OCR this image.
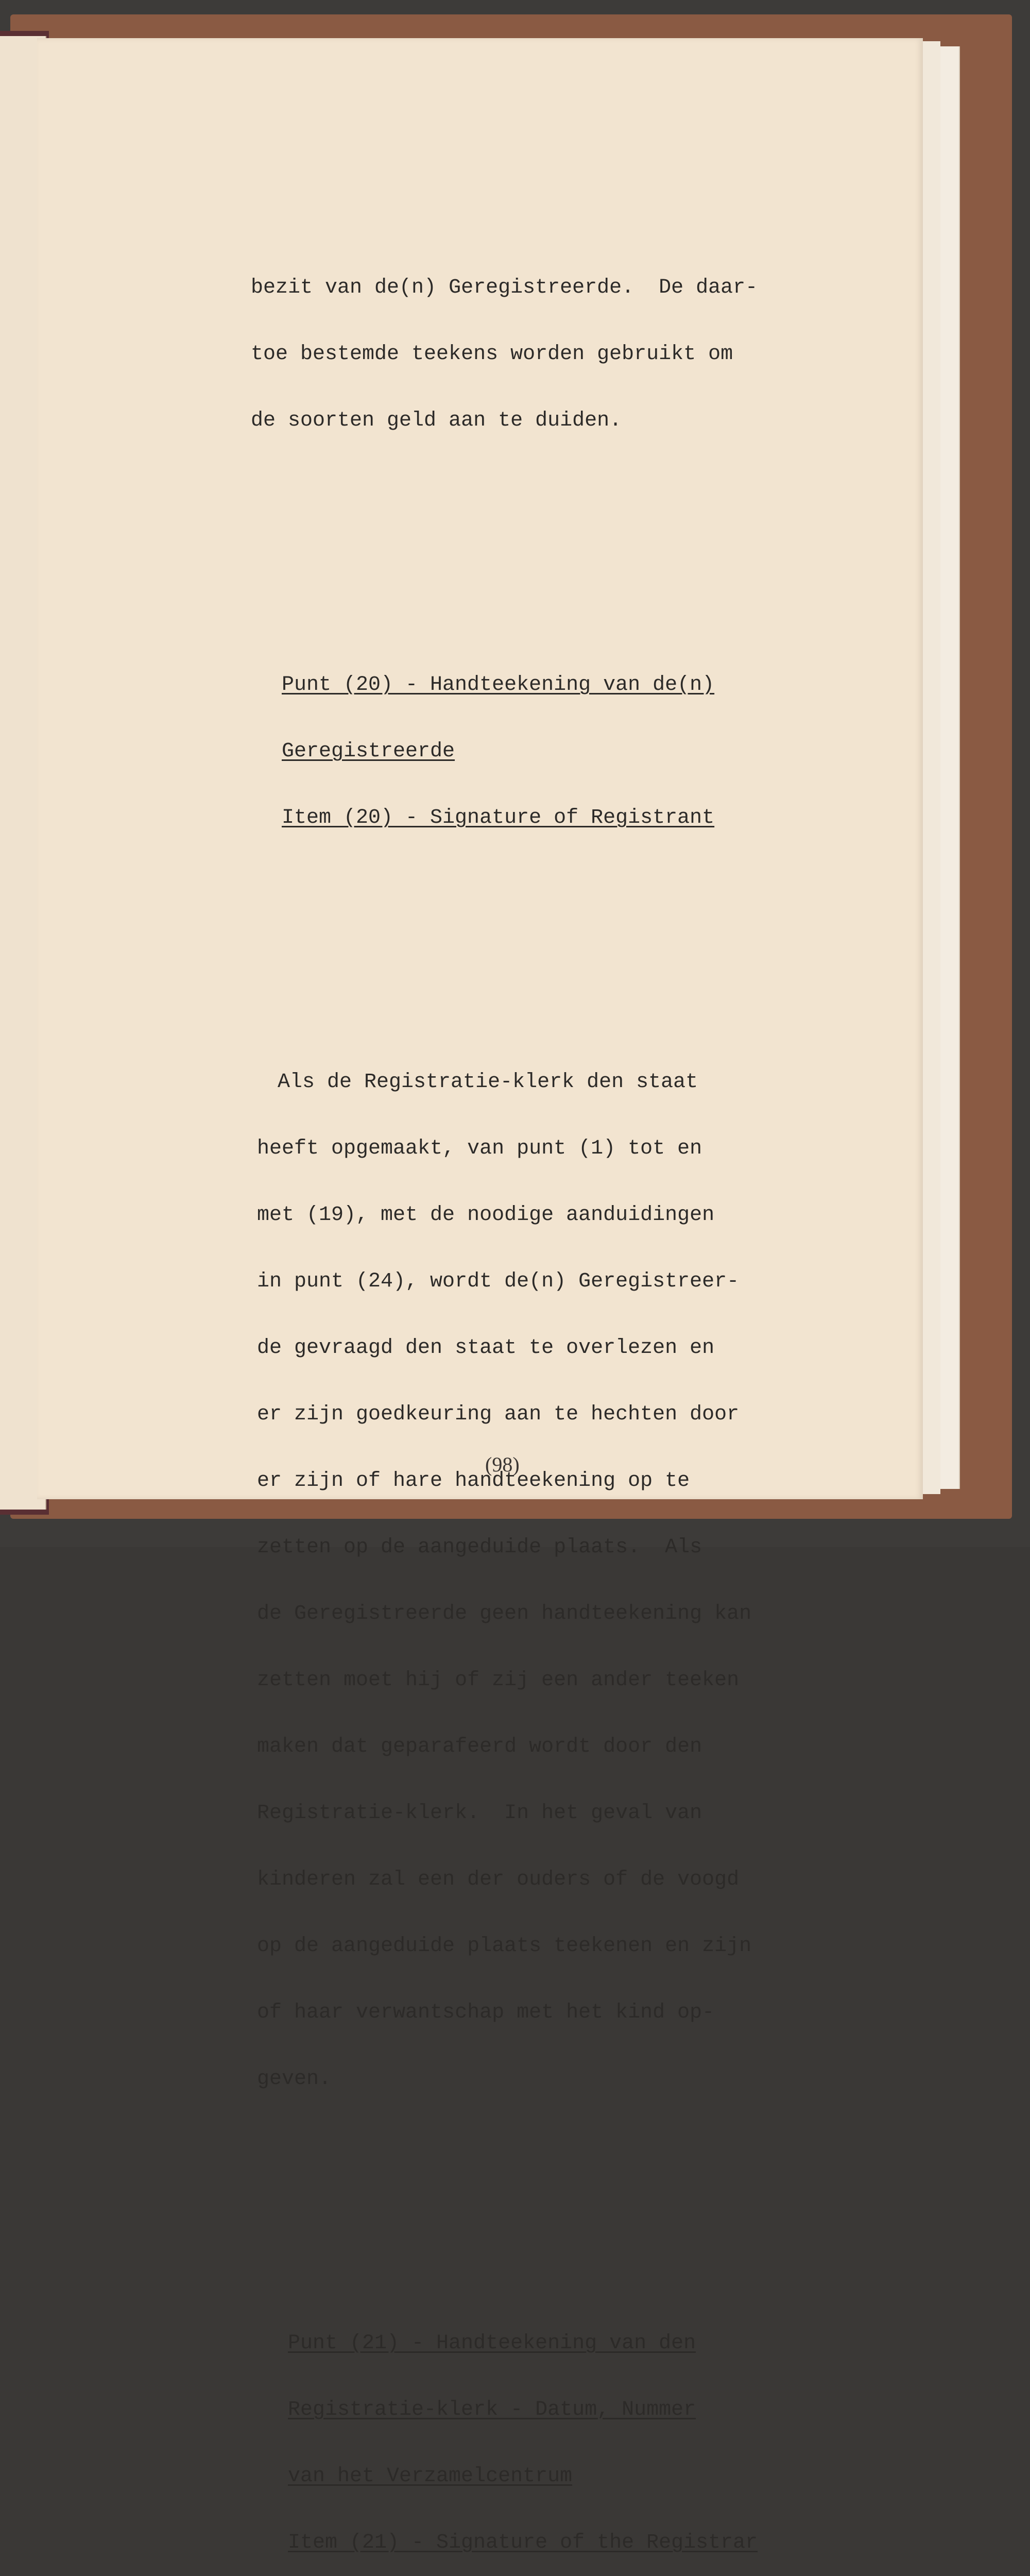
bezit van de(n) Geregistreerde.  De daar-

toe bestemde teekens worden gebruikt om

de soorten geld aan te duiden.

Punt (20) - Handteekening van de(n)

Geregistreerde

Item (20) - Signature of Registrant

Als de Registratie-klerk den staat

heeft opgemaakt, van punt (1) tot en

met (19), met de noodige aanduidingen

in punt (24), wordt de(n) Geregistreer-

de gevraagd den staat te overlezen en

er zijn goedkeuring aan te hechten door

er zijn of hare handteekening op te

zetten op de aangeduide plaats.  Als

de Geregistreerde geen handteekening kan

zetten moet hij of zij een ander teeken

maken dat geparafeerd wordt door den

Registratie-klerk.  In het geval van

kinderen zal een der ouders of de voogd

op de aangeduide plaats teekenen en zijn

of haar verwantschap met het kind op-

geven.

Punt (21) - Handteekening van den

Registratie-klerk - Datum, Nummer

van het Verzamelcentrum

Item (21) - Signature of the Registrar

(98)
